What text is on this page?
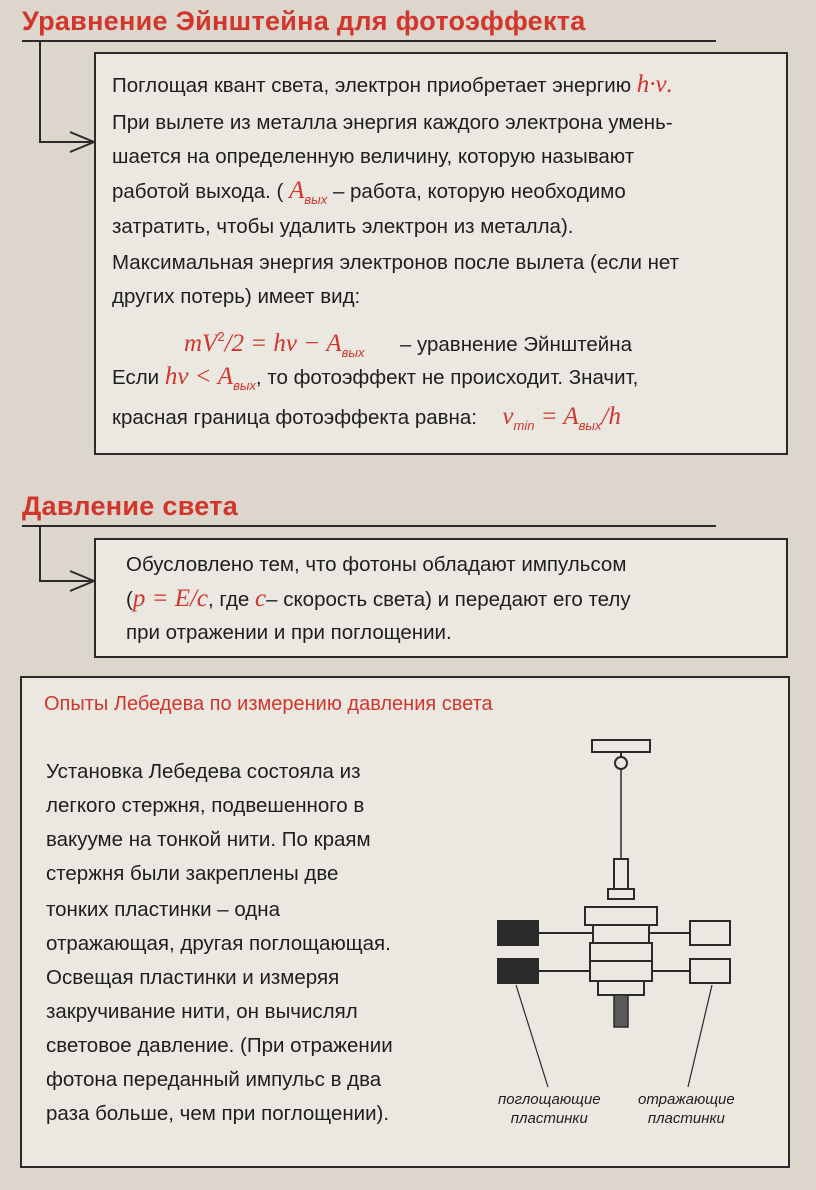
Уравнение Эйнштейна для фотоэффекта
Поглощая квант света, электрон приобретает энергию h·ν.
При вылете из металла энергия каждого электрона умень-
шается на определенную величину, которую называют
работой выхода. ( $A_{вых}$ – работа, которую необходимо
затратить, чтобы удалить электрон из металла).
Максимальная энергия электронов после вылета (если нет
других потерь) имеет вид:
$mV^2/2 = h\nu - A_{вых}$ – уравнение Эйнштейна
Если $h\nu < A_{вых}$, то фотоэффект не происходит. Значит,
красная граница фотоэффекта равна: $\nu_{min} = A_{вых}/h$
Давление света
Обусловлено тем, что фотоны обладают импульсом
(p = E/c, где c– скорость света) и передают его телу
при отражении и при поглощении.
Опыты Лебедева по измерению давления света
Установка Лебедева состояла из
легкого стержня, подвешенного в
вакууме на тонкой нити. По краям
стержня были закреплены две
тонких пластинки – одна
отражающая, другая поглощающая.
Освещая пластинки и измеряя
закручивание нити, он вычислял
световое давление. (При отражении
фотона переданный импульс в два
раза больше, чем при поглощении).
поглощающие
пластинки
отражающие
пластинки
